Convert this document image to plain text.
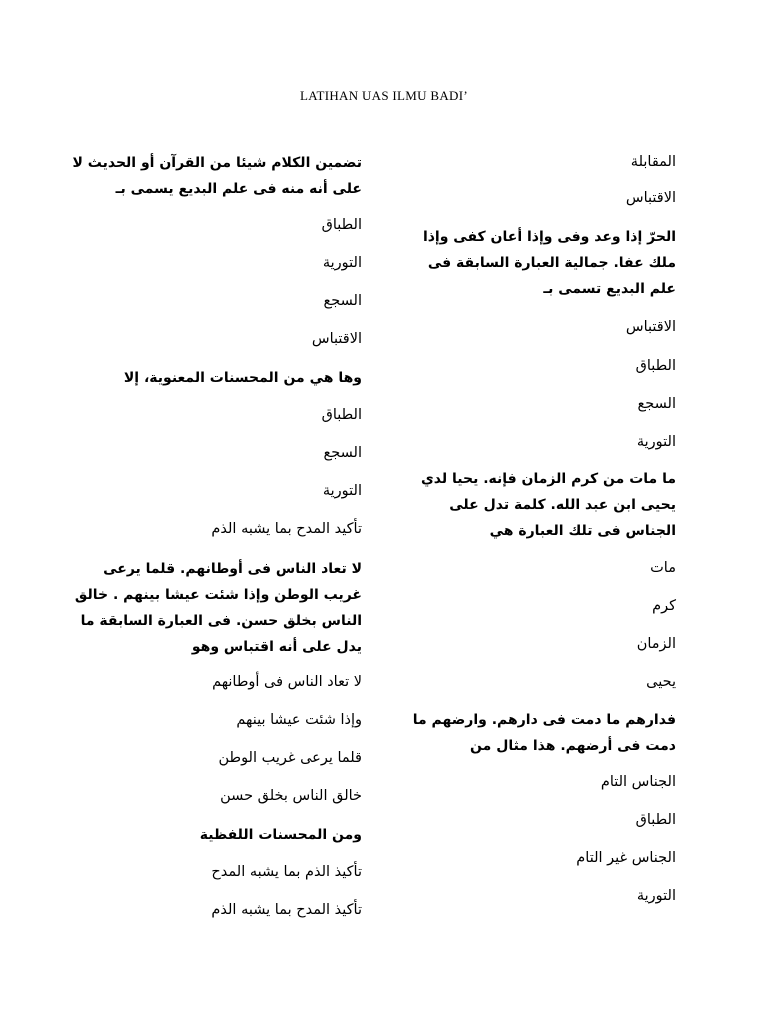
LATIHAN UAS ILMU BADI’
المقابلة
الاقتباس
الحرّ إذا وعد وفى وإذا أعان كفى وإذا ملك عفا. جمالية العبارة السابقة فى علم البديع تسمى بـ
الاقتباس
الطباق
السجع
التورية
ما مات من كرم الزمان فإنه. يحيا لدي يحيى ابن عبد الله. كلمة تدل على الجناس فى تلك العبارة هي
مات
كرم
الزمان
يحيى
فدارهم ما دمت فى دارهم. وارضهم ما دمت فى أرضهم. هذا مثال من
الجناس التام
الطباق
الجناس غير التام
التورية
تضمين الكلام شيئا من القرآن أو الحديث لا على أنه منه فى علم البديع يسمى بـ
الطباق
التورية
السجع
الاقتباس
وها هي من المحسنات المعنوية، إلا
الطباق
السجع
التورية
تأكيد المدح بما يشبه الذم
لا تعاد الناس فى أوطانهم. قلما يرعى غريب الوطن وإذا شئت عيشا بينهم . خالق الناس بخلق حسن. فى العبارة السابقة ما يدل على أنه اقتباس وهو
لا تعاد الناس فى أوطانهم
وإذا شئت عيشا بينهم
قلما يرعى غريب الوطن
خالق الناس بخلق حسن
ومن المحسنات اللفظية
تأكيذ الذم بما يشبه المدح
تأكيذ المدح بما يشبه الذم
